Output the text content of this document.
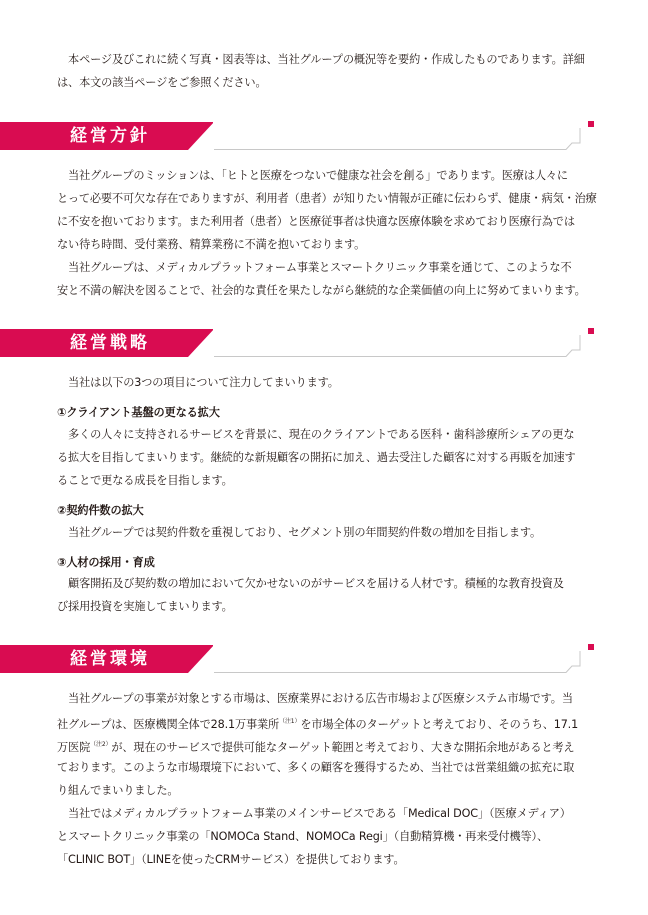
　本ページ及びこれに続く写真・図表等は、当社グループの概況等を要約・作成したものであります。詳細

は、本文の該当ページをご参照ください。

経営方針

　当社グループのミッションは、「ヒトと医療をつないで健康な社会を創る」であります。医療は人々に

とって必要不可欠な存在でありますが、利用者（患者）が知りたい情報が正確に伝わらず、健康・病気・治療

に不安を抱いております。また利用者（患者）と医療従事者は快適な医療体験を求めており医療行為では

ない待ち時間、受付業務、精算業務に不満を抱いております。

　当社グループは、メディカルプラットフォーム事業とスマートクリニック事業を通じて、このような不

安と不満の解決を図ることで、社会的な責任を果たしながら継続的な企業価値の向上に努めてまいります。

経営戦略

　当社は以下の3つの項目について注力してまいります。

①クライアント基盤の更なる拡大

　多くの人々に支持されるサービスを背景に、現在のクライアントである医科・歯科診療所シェアの更な

る拡大を目指してまいります。継続的な新規顧客の開拓に加え、過去受注した顧客に対する再販を加速す

ることで更なる成長を目指します。

②契約件数の拡大

　当社グループでは契約件数を重視しており、セグメント別の年間契約件数の増加を目指します。

③人材の採用・育成

　顧客開拓及び契約数の増加において欠かせないのがサービスを届ける人材です。積極的な教育投資及

び採用投資を実施してまいります。

経営環境

　当社グループの事業が対象とする市場は、医療業界における広告市場および医療システム市場です。当

社グループは、医療機関全体で28.1万事業所$^{(注1)}$を市場全体のターゲットと考えており、そのうち、17.1

万医院$^{(注2)}$が、現在のサービスで提供可能なターゲット範囲と考えており、大きな開拓余地があると考え

ております。このような市場環境下において、多くの顧客を獲得するため、当社では営業組織の拡充に取

り組んでまいりました。

　当社ではメディカルプラットフォーム事業のメインサービスである「Medical DOC」（医療メディア）

とスマートクリニック事業の「NOMOCa Stand、NOMOCa Regi」（自動精算機・再来受付機等）、

「CLINIC BOT」（LINEを使ったCRMサービス）を提供しております。
